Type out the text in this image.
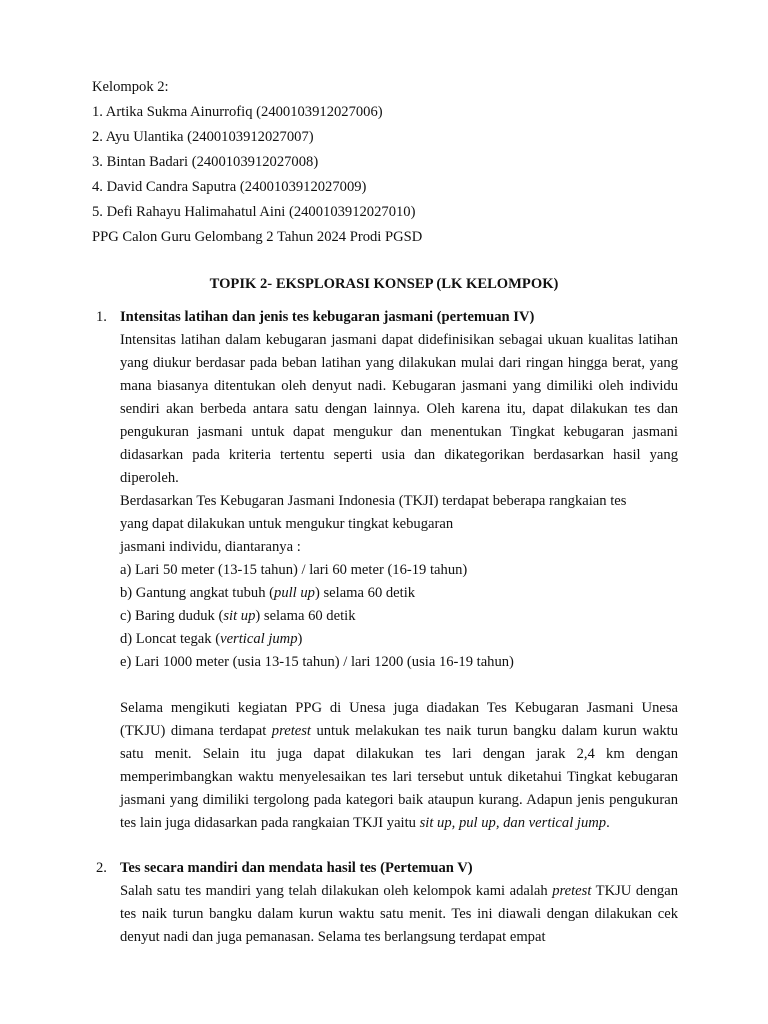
Kelompok 2:

1. Artika Sukma Ainurrofiq (2400103912027006)

2. Ayu Ulantika (2400103912027007)

3. Bintan Badari (2400103912027008)

4. David Candra Saputra (2400103912027009)

5. Defi Rahayu Halimahatul Aini (2400103912027010)

PPG Calon Guru Gelombang 2 Tahun 2024 Prodi PGSD

TOPIK 2- EKSPLORASI KONSEP (LK KELOMPOK)

1. Intensitas latihan dan jenis tes kebugaran jasmani (pertemuan IV)

Intensitas latihan dalam kebugaran jasmani dapat didefinisikan sebagai ukuan kualitas latihan yang diukur berdasar pada beban latihan yang dilakukan mulai dari ringan hingga berat, yang mana biasanya ditentukan oleh denyut nadi. Kebugaran jasmani yang dimiliki oleh individu sendiri akan berbeda antara satu dengan lainnya. Oleh karena itu, dapat dilakukan tes dan pengukuran jasmani untuk dapat mengukur dan menentukan Tingkat kebugaran jasmani didasarkan pada kriteria tertentu seperti usia dan dikategorikan berdasarkan hasil yang diperoleh.

Berdasarkan Tes Kebugaran Jasmani Indonesia (TKJI) terdapat beberapa rangkaian tes

yang dapat dilakukan untuk mengukur tingkat kebugaran

jasmani individu, diantaranya :

a) Lari 50 meter (13-15 tahun) / lari 60 meter (16-19 tahun)
b) Gantung angkat tubuh (pull up) selama 60 detik
c) Baring duduk (sit up) selama 60 detik
d) Loncat tegak (vertical jump)
e) Lari 1000 meter (usia 13-15 tahun) / lari 1200 (usia 16-19 tahun)

Selama mengikuti kegiatan PPG di Unesa juga diadakan Tes Kebugaran Jasmani Unesa (TKJU) dimana terdapat pretest untuk melakukan tes naik turun bangku dalam kurun waktu satu menit. Selain itu juga dapat dilakukan tes lari dengan jarak 2,4 km dengan memperimbangkan waktu menyelesaikan tes lari tersebut untuk diketahui Tingkat kebugaran jasmani yang dimiliki tergolong pada kategori baik ataupun kurang. Adapun jenis pengukuran tes lain juga didasarkan pada rangkaian TKJI yaitu sit up, pul up, dan vertical jump.

2. Tes secara mandiri dan mendata hasil tes (Pertemuan V)

Salah satu tes mandiri yang telah dilakukan oleh kelompok kami adalah pretest TKJU dengan tes naik turun bangku dalam kurun waktu satu menit. Tes ini diawali dengan dilakukan cek denyut nadi dan juga pemanasan. Selama tes berlangsung terdapat empat
